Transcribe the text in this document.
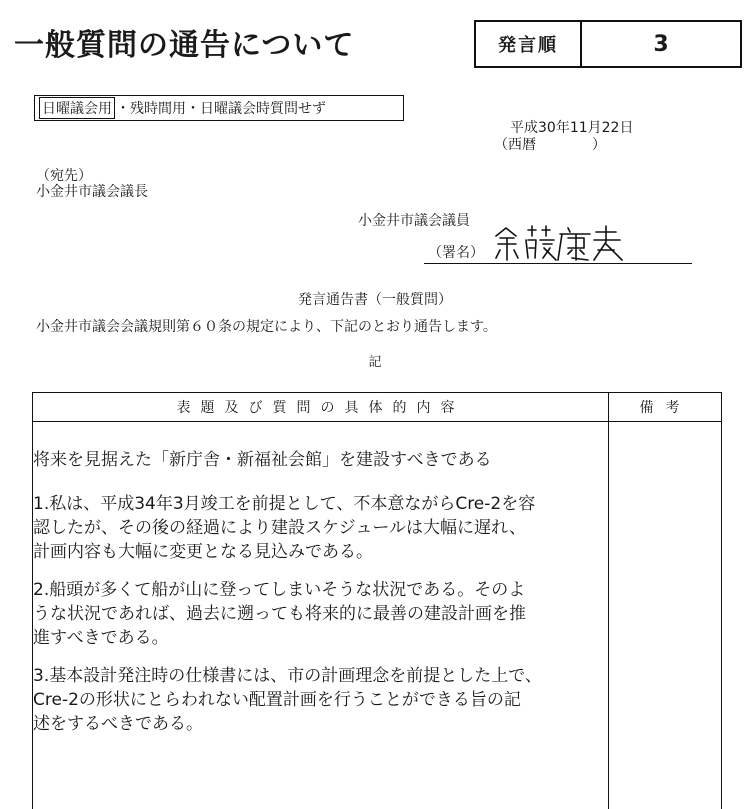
一般質問の通告について	発言順	3
日曜議会用 ・残時間用・日曜議会時質問せず
平成30年11月22日
（西暦　　　　）
（宛先）
小金井市議会議長
小金井市議会議員
（署名）
発言通告書（一般質問）
小金井市議会会議規則第６０条の規定により、下記のとおり通告します。
記
表題及び質問の具体的内容	備考

将来を見据えた「新庁舎・新福祉会館」を建設すべきである

1.私は、平成34年3月竣工を前提として、不本意ながらCre-2を容

認したが、その後の経過により建設スケジュールは大幅に遅れ、

計画内容も大幅に変更となる見込みである。

2.船頭が多くて船が山に登ってしまいそうな状況である。そのよ

うな状況であれば、過去に遡っても将来的に最善の建設計画を推

進すべきである。

3.基本設計発注時の仕様書には、市の計画理念を前提とした上で、

Cre-2の形状にとらわれない配置計画を行うことができる旨の記

述をするべきである。
